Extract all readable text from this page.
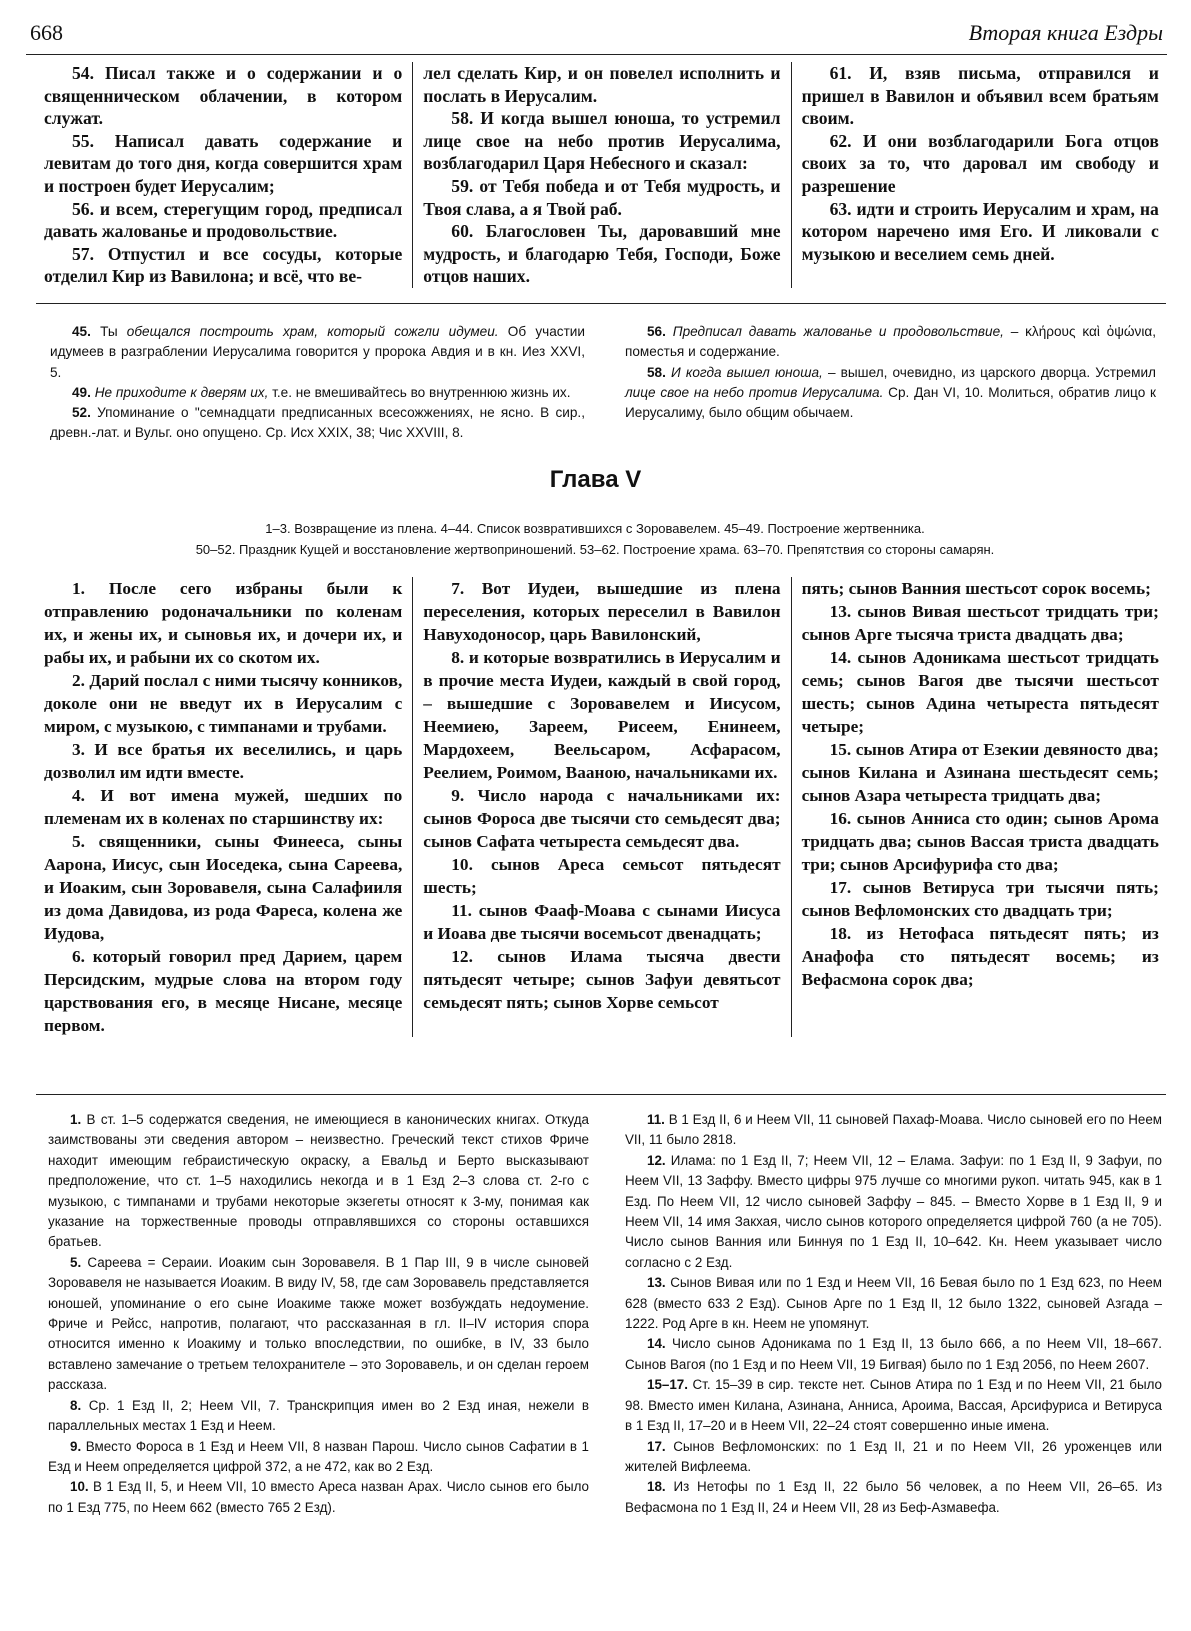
668	Вторая книга Ездры

54. Писал также и о содержании и о священническом облачении, в котором служат.

55. Написал давать содержание и левитам до того дня, когда совершится храм и построен будет Иерусалим;

56. и всем, стерегущим город, предписал давать жалованье и продовольствие.

57. Отпустил и все сосуды, которые отделил Кир из Вавилона; и всё, что ве-

лел сделать Кир, и он повелел исполнить и послать в Иерусалим.

58. И когда вышел юноша, то устремил лице свое на небо против Иерусалима, возблагодарил Царя Небесного и сказал:

59. от Тебя победа и от Тебя мудрость, и Твоя слава, а я Твой раб.

60. Благословен Ты, даровавший мне мудрость, и благодарю Тебя, Господи, Боже отцов наших.

61. И, взяв письма, отправился и пришел в Вавилон и объявил всем братьям своим.

62. И они возблагодарили Бога отцов своих за то, что даровал им свободу и разрешение

63. идти и строить Иерусалим и храм, на котором наречено имя Его. И ликовали с музыкою и веселием семь дней.

45. Ты обещался построить храм, который сожгли идумеи. Об участии идумеев в разграблении Иерусалима говорится у пророка Авдия и в кн. Иез XXVI, 5.

49. Не приходите к дверям их, т.е. не вмешивайтесь во внутреннюю жизнь их.

52. Упоминание о "семнадцати предписанных всесожжениях, не ясно. В сир., древн.-лат. и Вульг. оно опущено. Ср. Исх XXIX, 38; Чис XXVIII, 8.

56. Предписал давать жалованье и продовольствие, – κλήρους καὶ ὀψώνια, поместья и содержание.

58. И когда вышел юноша, – вышел, очевидно, из царского дворца. Устремил лице свое на небо против Иерусалима. Ср. Дан VI, 10. Молиться, обратив лицо к Иерусалиму, было общим обычаем.

Глава V
1–3. Возвращение из плена. 4–44. Список возвратившихся с Зоровавелем. 45–49. Построение жертвенника.
50–52. Праздник Кущей и восстановление жертвоприношений. 53–62. Построение храма. 63–70. Препятствия со стороны самарян.

1. После сего избраны были к отправлению родоначальники по коленам их, и жены их, и сыновья их, и дочери их, и рабы их, и рабыни их со скотом их.

2. Дарий послал с ними тысячу конников, доколе они не введут их в Иерусалим с миром, с музыкою, с тимпанами и трубами.

3. И все братья их веселились, и царь дозволил им идти вместе.

4. И вот имена мужей, шедших по племенам их в коленах по старшинству их:

5. священники, сыны Финееса, сыны Аарона, Иисус, сын Иоседека, сына Сареева, и Иоаким, сын Зоровавеля, сына Салафииля из дома Давидова, из рода Фареса, колена же Иудова,

6. который говорил пред Дарием, царем Персидским, мудрые слова на втором году царствования его, в месяце Нисане, месяце первом.

7. Вот Иудеи, вышедшие из плена переселения, которых переселил в Вавилон Навуходоносор, царь Вавилонский,

8. и которые возвратились в Иерусалим и в прочие места Иудеи, каждый в свой город, – вышедшие с Зоровавелем и Иисусом, Неемиею, Зареем, Рисеем, Енинеем, Мардохеем, Веельсаром, Асфарасом, Реелием, Роимом, Вааною, начальниками их.

9. Число народа с начальниками их: сынов Фороса две тысячи сто семьдесят два; сынов Сафата четыреста семьдесят два.

10. сынов Ареса семьсот пятьдесят шесть;

11. сынов Фааф-Моава с сынами Иисуса и Иоава две тысячи восемьсот двенадцать;

12. сынов Илама тысяча двести пятьдесят четыре; сынов Зафуи девятьсот семьдесят пять; сынов Хорве семьсот

пять; сынов Ванния шестьсот сорок восемь;

13. сынов Вивая шестьсот тридцать три; сынов Арге тысяча триста двадцать два;

14. сынов Адоникама шестьсот тридцать семь; сынов Вагоя две тысячи шестьсот шесть; сынов Адина четыреста пятьдесят четыре;

15. сынов Атира от Езекии девяносто два; сынов Килана и Азинана шестьдесят семь; сынов Азара четыреста тридцать два;

16. сынов Анниса сто один; сынов Арома тридцать два; сынов Вассая триста двадцать три; сынов Арсифурифа сто два;

17. сынов Ветируса три тысячи пять; сынов Вефломонских сто двадцать три;

18. из Нетофаса пятьдесят пять; из Анафофа сто пятьдесят восемь; из Вефасмона сорок два;

1. В ст. 1–5 содержатся сведения, не имеющиеся в канонических книгах. Откуда заимствованы эти сведения автором – неизвестно. Греческий текст стихов Фриче находит имеющим гебраистическую окраску, а Евальд и Берто высказывают предположение, что ст. 1–5 находились некогда и в 1 Езд 2–3 слова ст. 2-го с музыкою, с тимпанами и трубами некоторые экзегеты относят к 3-му, понимая как указание на торжественные проводы отправлявшихся со стороны оставшихся братьев.

5. Сареева = Сераии. Иоаким сын Зоровавеля. В 1 Пар III, 9 в числе сыновей Зоровавеля не называется Иоаким. В виду IV, 58, где сам Зоровавель представляется юношей, упоминание о его сыне Иоакиме также может возбуждать недоумение. Фриче и Рейсс, напротив, полагают, что рассказанная в гл. II–IV история спора относится именно к Иоакиму и только впоследствии, по ошибке, в IV, 33 было вставлено замечание о третьем телохранителе – это Зоровавель, и он сделан героем рассказа.

8. Ср. 1 Езд II, 2; Неем VII, 7. Транскрипция имен во 2 Езд иная, нежели в параллельных местах 1 Езд и Неем.

9. Вместо Фороса в 1 Езд и Неем VII, 8 назван Парош. Число сынов Сафатии в 1 Езд и Неем определяется цифрой 372, а не 472, как во 2 Езд.

10. В 1 Езд II, 5, и Неем VII, 10 вместо Ареса назван Арах. Число сынов его было по 1 Езд 775, по Неем 662 (вместо 765 2 Езд).

11. В 1 Езд II, 6 и Неем VII, 11 сыновей Пахаф-Моава. Число сыновей его по Неем VII, 11 было 2818.

12. Илама: по 1 Езд II, 7; Неем VII, 12 – Елама. Зафуи: по 1 Езд II, 9 Зафуи, по Неем VII, 13 Заффу. Вместо цифры 975 лучше со многими рукоп. читать 945, как в 1 Езд. По Неем VII, 12 число сыновей Заффу – 845. – Вместо Хорве в 1 Езд II, 9 и Неем VII, 14 имя Закхая, число сынов которого определяется цифрой 760 (а не 705). Число сынов Ванния или Биннуя по 1 Езд II, 10–642. Кн. Неем указывает число согласно с 2 Езд.

13. Сынов Вивая или по 1 Езд и Неем VII, 16 Бевая было по 1 Езд 623, по Неем 628 (вместо 633 2 Езд). Сынов Арге по 1 Езд II, 12 было 1322, сыновей Азгада – 1222. Род Арге в кн. Неем не упомянут.

14. Число сынов Адоникама по 1 Езд II, 13 было 666, а по Неем VII, 18–667. Сынов Вагоя (по 1 Езд и по Неем VII, 19 Бигвая) было по 1 Езд 2056, по Неем 2607.

15–17. Ст. 15–39 в сир. тексте нет. Сынов Атира по 1 Езд и по Неем VII, 21 было 98. Вместо имен Килана, Азинана, Анниса, Ароима, Вассая, Арсифуриса и Ветируса в 1 Езд II, 17–20 и в Неем VII, 22–24 стоят совершенно иные имена.

17. Сынов Вефломонских: по 1 Езд II, 21 и по Неем VII, 26 уроженцев или жителей Вифлеема.

18. Из Нетофы по 1 Езд II, 22 было 56 человек, а по Неем VII, 26–65. Из Вефасмона по 1 Езд II, 24 и Неем VII, 28 из Беф-Азмавефа.
